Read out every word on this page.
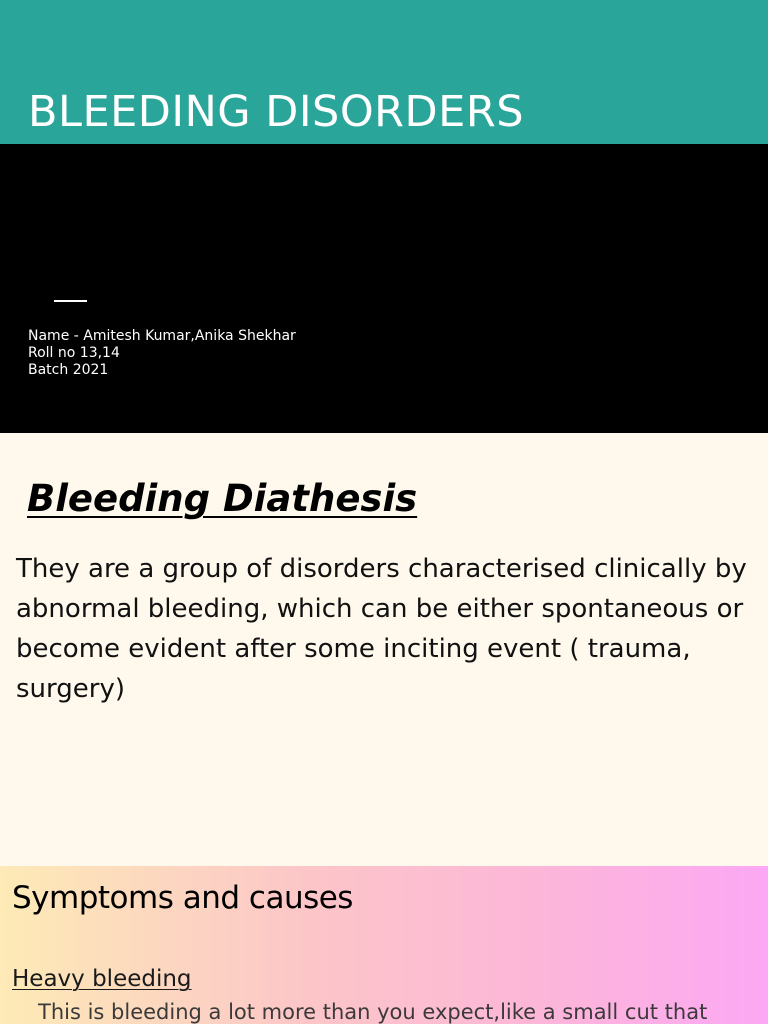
BLEEDING DISORDERS
Name - Amitesh Kumar,Anika Shekhar
Roll no 13,14
Batch 2021
Bleeding Diathesis

They are a group of disorders characterised clinically by abnormal bleeding, which can be either spontaneous or become evident after some inciting event ( trauma, surgery)

Symptoms and causes
Heavy bleeding
This is bleeding a lot more than you expect,like a small cut that
